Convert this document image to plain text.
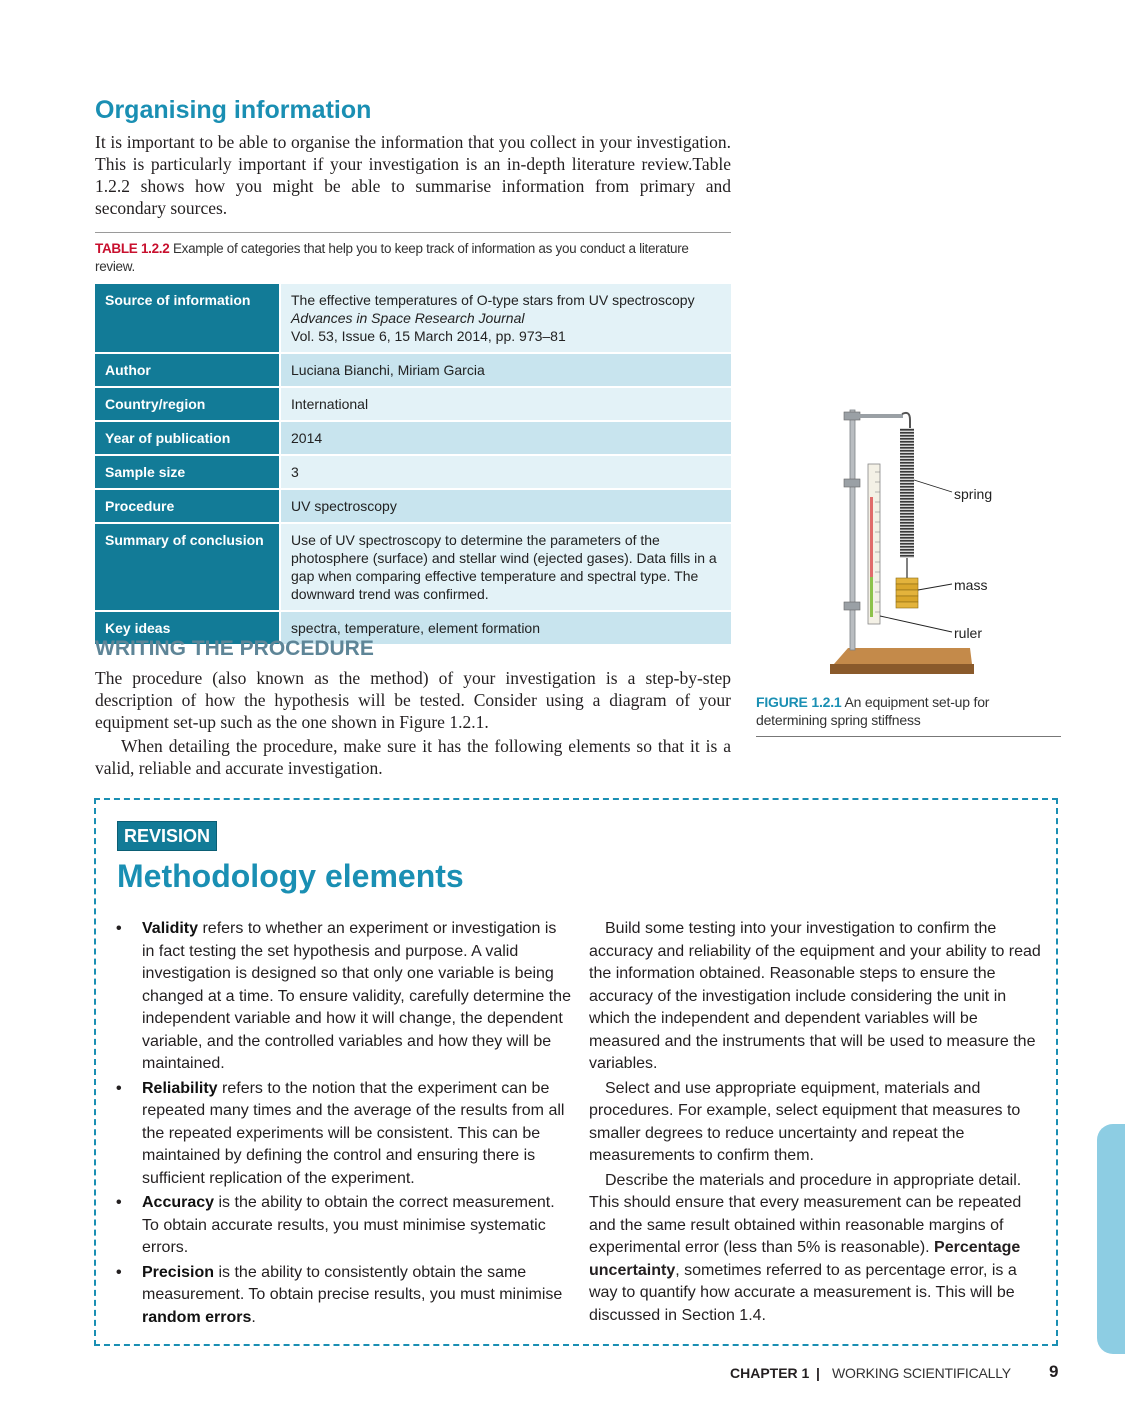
Organising information
It is important to be able to organise the information that you collect in your investigation. This is particularly important if your investigation is an in-depth literature review.Table 1.2.2 shows how you might be able to summarise information from primary and secondary sources.
TABLE 1.2.2 Example of categories that help you to keep track of information as you conduct a literature review.
Source of information	The effective temperatures of O-type stars from UV spectroscopy
Advances in Space Research Journal
Vol. 53, Issue 6, 15 March 2014, pp. 973–81

Author	Luciana Bianchi, Miriam Garcia
Country/region	International
Year of publication	2014
Sample size	3
Procedure	UV spectroscopy
Summary of conclusion	Use of UV spectroscopy to determine the parameters of the photosphere (surface) and stellar wind (ejected gases). Data fills in a gap when comparing effective temperature and spectral type. The downward trend was confirmed.
Key ideas	spectra, temperature, element formation
WRITING THE PROCEDURE
The procedure (also known as the method) of your investigation is a step-by-step description of how the hypothesis will be tested. Consider using a diagram of your equipment set-up such as the one shown in Figure 1.2.1.
When detailing the procedure, make sure it has the following elements so that it is a valid, reliable and accurate investigation.
spring
mass
ruler
FIGURE 1.2.1 An equipment set-up for determining spring stiffness
REVISION
Methodology elements
• Validity refers to whether an experiment or investigation is in fact testing the set hypothesis and purpose. A valid investigation is designed so that only one variable is being changed at a time. To ensure validity, carefully determine the independent variable and how it will change, the dependent variable, and the controlled variables and how they will be maintained.
• Reliability refers to the notion that the experiment can be repeated many times and the average of the results from all the repeated experiments will be consistent. This can be maintained by defining the control and ensuring there is sufficient replication of the experiment.
• Accuracy is the ability to obtain the correct measurement. To obtain accurate results, you must minimise systematic errors.
• Precision is the ability to consistently obtain the same measurement. To obtain precise results, you must minimise random errors.

Build some testing into your investigation to confirm the accuracy and reliability of the equipment and your ability to read the information obtained. Reasonable steps to ensure the accuracy of the investigation include considering the unit in which the independent and dependent variables will be measured and the instruments that will be used to measure the variables.

Select and use appropriate equipment, materials and procedures. For example, select equipment that measures to smaller degrees to reduce uncertainty and repeat the measurements to confirm them.

Describe the materials and procedure in appropriate detail. This should ensure that every measurement can be repeated and the same result obtained within reasonable margins of experimental error (less than 5% is reasonable). Percentage uncertainty, sometimes referred to as percentage error, is a way to quantify how accurate a measurement is. This will be discussed in Section 1.4.

CHAPTER 1 | WORKING SCIENTIFICALLY 9
